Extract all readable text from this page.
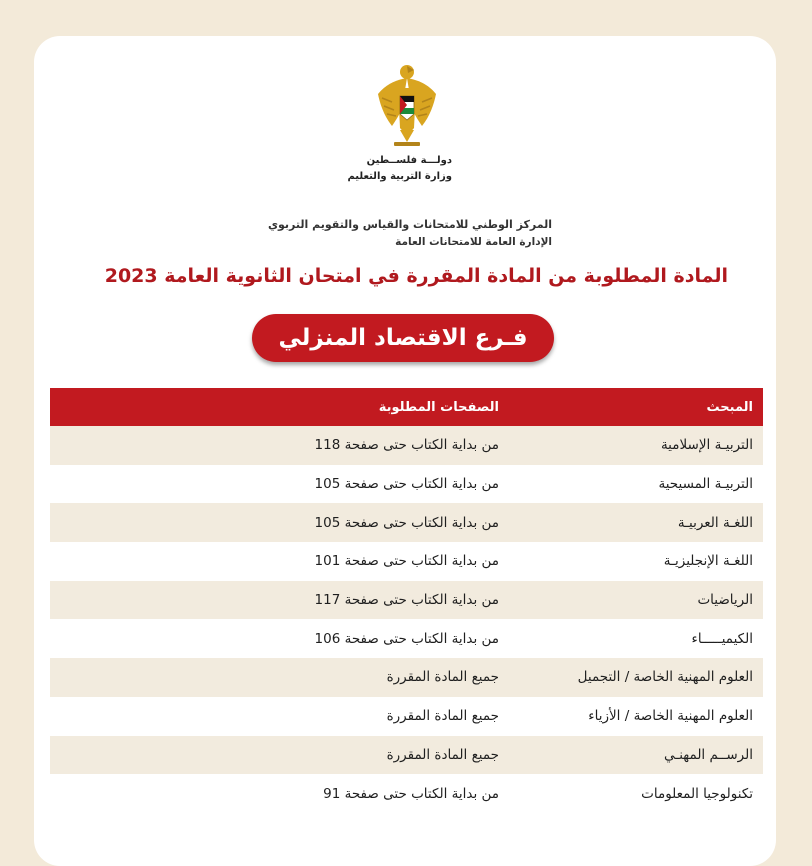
دولـــة فلســطين
وزارة التربية والتعليم
المركز الوطني للامتحانات والقياس والتقويم التربوي
الإدارة العامة للامتحانات العامة
المادة المطلوبة من المادة المقررة في امتحان الثانوية العامة 2023
فـرع الاقتصاد المنزلي
المبحث
الصفحات المطلوبة
التربيـة الإسلامية
من بداية الكتاب حتى صفحة 118
التربيـة المسيحية
من بداية الكتاب حتى صفحة 105
اللغـة العربيـة
من بداية الكتاب حتى صفحة 105
اللغـة الإنجليزيـة
من بداية الكتاب حتى صفحة 101
الرياضيات
من بداية الكتاب حتى صفحة 117
الكيميـــــاء
من بداية الكتاب حتى صفحة 106
العلوم المهنية الخاصة / التجميل
جميع المادة المقررة
العلوم المهنية الخاصة / الأزياء
جميع المادة المقررة
الرســم المهنـي
جميع المادة المقررة
تكنولوجيا المعلومات
من بداية الكتاب حتى صفحة 91
